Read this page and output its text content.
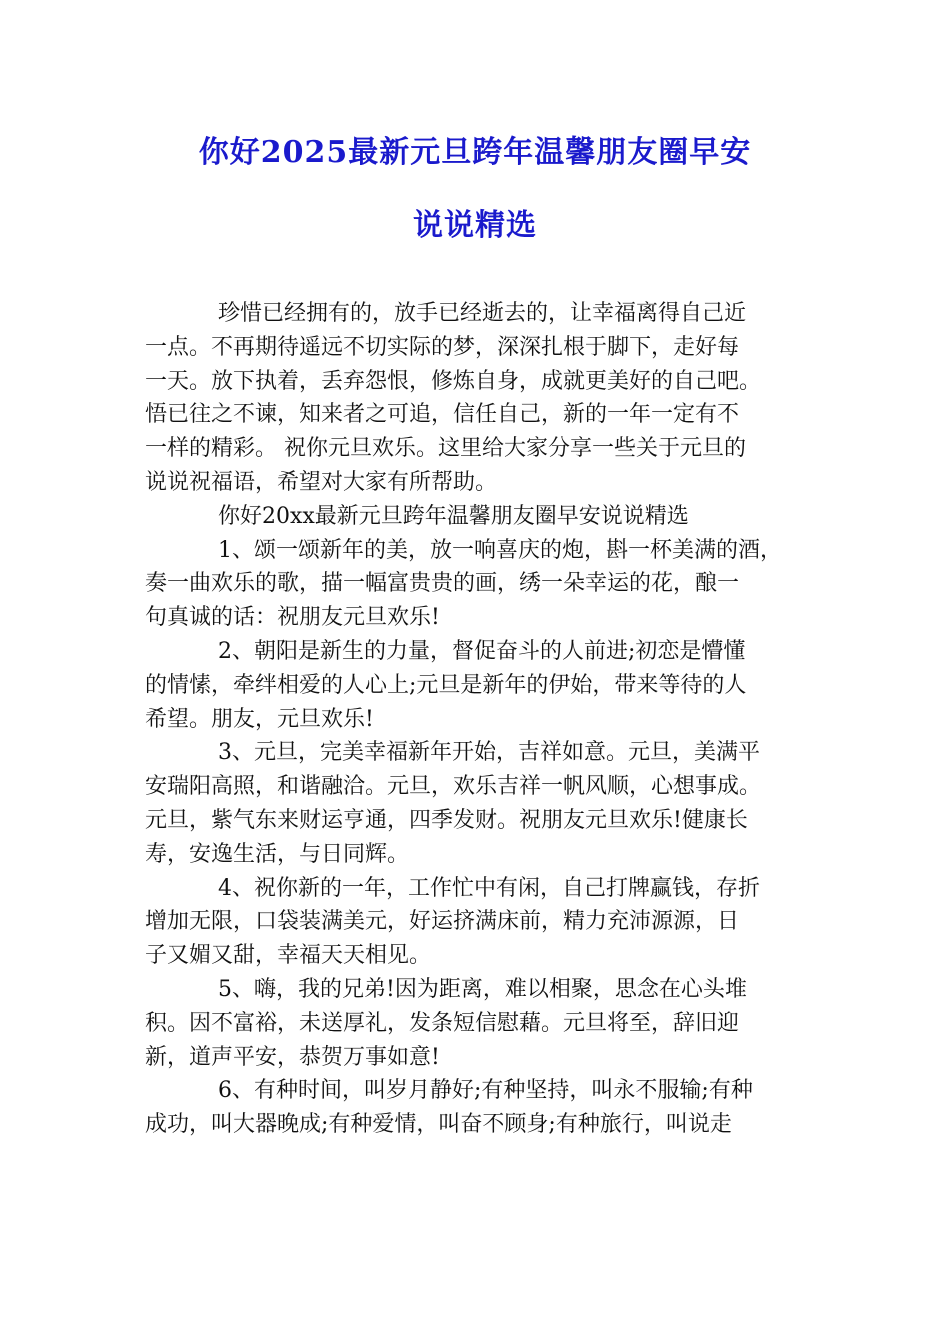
你好2025最新元旦跨年温馨朋友圈早安
说说精选
珍惜已经拥有的，放手已经逝去的，让幸福离得自己近
一点。不再期待遥远不切实际的梦，深深扎根于脚下，走好每
一天。放下执着，丢弃怨恨，修炼自身，成就更美好的自己吧。
悟已往之不谏，知来者之可追，信任自己，新的一年一定有不
一样的精彩。 祝你元旦欢乐。这里给大家分享一些关于元旦的
说说祝福语，希望对大家有所帮助。
你好20xx最新元旦跨年温馨朋友圈早安说说精选
1、颂一颂新年的美，放一响喜庆的炮，斟一杯美满的酒，
奏一曲欢乐的歌，描一幅富贵贵的画，绣一朵幸运的花，酿一
句真诚的话：祝朋友元旦欢乐!
2、朝阳是新生的力量，督促奋斗的人前进;初恋是懵懂
的情愫，牵绊相爱的人心上;元旦是新年的伊始，带来等待的人
希望。朋友，元旦欢乐!
3、元旦，完美幸福新年开始，吉祥如意。元旦，美满平
安瑞阳高照，和谐融洽。元旦，欢乐吉祥一帆风顺，心想事成。
元旦，紫气东来财运亨通，四季发财。祝朋友元旦欢乐!健康长
寿，安逸生活，与日同辉。
4、祝你新的一年，工作忙中有闲，自己打牌赢钱，存折
增加无限，口袋装满美元，好运挤满床前，精力充沛源源，日
子又媚又甜，幸福天天相见。
5、嗨，我的兄弟!因为距离，难以相聚，思念在心头堆
积。因不富裕，未送厚礼，发条短信慰藉。元旦将至，辞旧迎
新，道声平安，恭贺万事如意!
6、有种时间，叫岁月静好;有种坚持，叫永不服输;有种
成功，叫大器晚成;有种爱情，叫奋不顾身;有种旅行，叫说走
